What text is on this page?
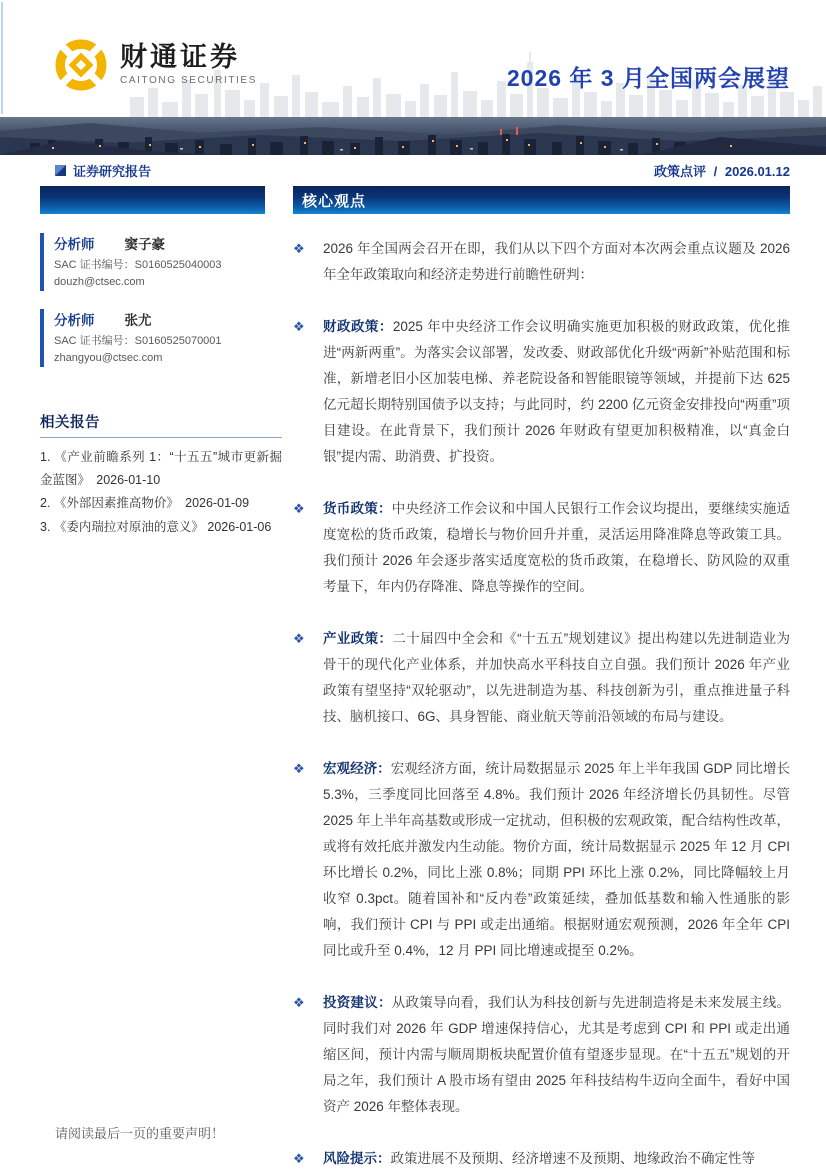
财通证券
CAITONG SECURITIES	2026 年 3 月全国两会展望
证券研究报告	政策点评 / 2026.01.12
核心观点
分析师 窦子豪
SAC 证书编号：S0160525040003
douzh@ctsec.com
分析师 张尤
SAC 证书编号：S0160525070001
zhangyou@ctsec.com
相关报告

1. 《产业前瞻系列 1：“十五五”城市更新掘金蓝图》　2026-01-10

2. 《外部因素推高物价》　2026-01-09

3. 《委内瑞拉对原油的意义》 2026-01-06

❖	2026 年全国两会召开在即，我们从以下四个方面对本次两会重点议题及 2026 年全年政策取向和经济走势进行前瞻性研判：
❖	财政政策：2025 年中央经济工作会议明确实施更加积极的财政政策，优化推进“两新两重”。为落实会议部署，发改委、财政部优化升级“两新”补贴范围和标准，新增老旧小区加装电梯、养老院设备和智能眼镜等领域，并提前下达 625 亿元超长期特别国债予以支持；与此同时，约 2200 亿元资金安排投向“两重”项目建设。在此背景下，我们预计 2026 年财政有望更加积极精准，以“真金白银”提内需、助消费、扩投资。
❖	货币政策：中央经济工作会议和中国人民银行工作会议均提出，要继续实施适度宽松的货币政策，稳增长与物价回升并重，灵活运用降准降息等政策工具。我们预计 2026 年会逐步落实适度宽松的货币政策，在稳增长、防风险的双重考量下，年内仍存降准、降息等操作的空间。
❖	产业政策：二十届四中全会和《“十五五”规划建议》提出构建以先进制造业为骨干的现代化产业体系，并加快高水平科技自立自强。我们预计 2026 年产业政策有望坚持“双轮驱动”，以先进制造为基、科技创新为引，重点推进量子科技、脑机接口、6G、具身智能、商业航天等前沿领域的布局与建设。
❖	宏观经济：宏观经济方面，统计局数据显示 2025 年上半年我国 GDP 同比增长 5.3%，三季度同比回落至 4.8%。我们预计 2026 年经济增长仍具韧性。尽管 2025 年上半年高基数或形成一定扰动，但积极的宏观政策，配合结构性改革，或将有效托底并激发内生动能。物价方面，统计局数据显示 2025 年 12 月 CPI 环比增长 0.2%，同比上涨 0.8%；同期 PPI 环比上涨 0.2%，同比降幅较上月收窄 0.3pct。随着国补和“反内卷”政策延续，叠加低基数和输入性通胀的影响，我们预计 CPI 与 PPI 或走出通缩。根据财通宏观预测，2026 年全年 CPI 同比或升至 0.4%，12 月 PPI 同比增速或提至 0.2%。
❖	投资建议：从政策导向看，我们认为科技创新与先进制造将是未来发展主线。同时我们对 2026 年 GDP 增速保持信心，尤其是考虑到 CPI 和 PPI 或走出通缩区间，预计内需与顺周期板块配置价值有望逐步显现。在“十五五”规划的开局之年，我们预计 A 股市场有望由 2025 年科技结构牛迈向全面牛，看好中国资产 2026 年整体表现。
❖	风险提示：政策进展不及预期、经济增速不及预期、地缘政治不确定性等
请阅读最后一页的重要声明！
